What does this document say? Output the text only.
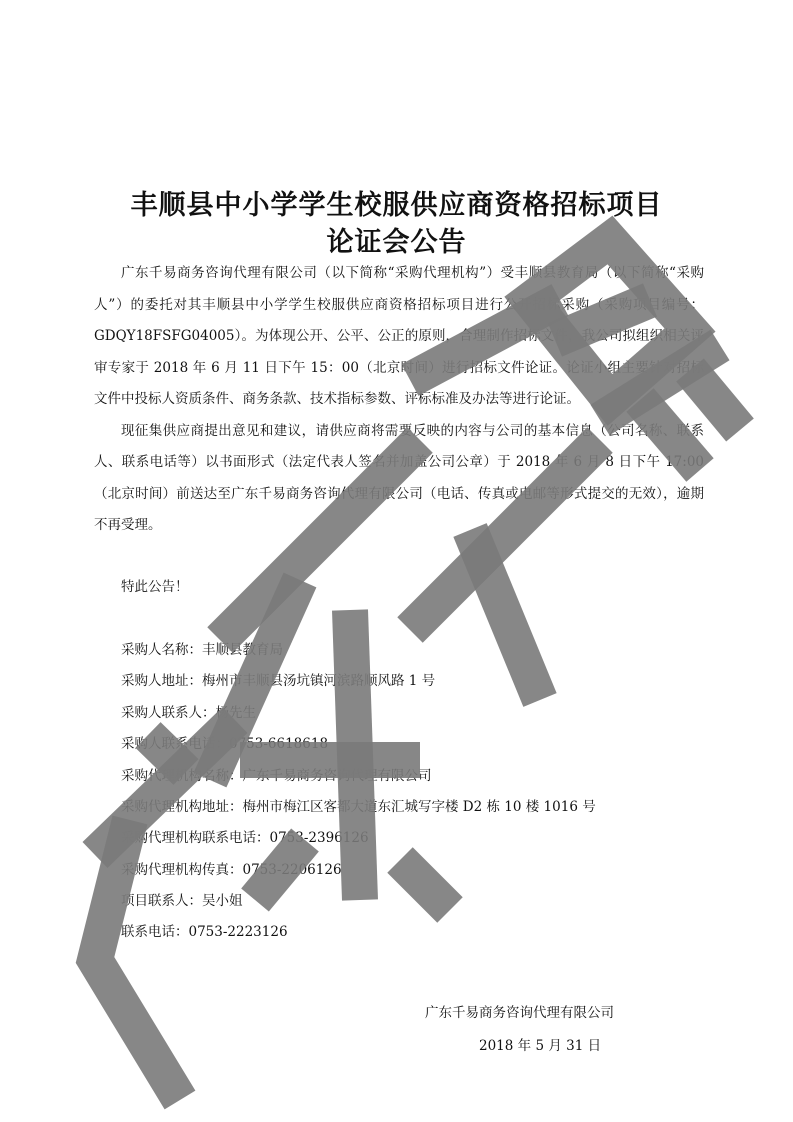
丰顺县中小学学生校服供应商资格招标项目
论证会公告

广东千易商务咨询代理有限公司（以下简称“采购代理机构”）受丰顺县教育局（以下简称“采购人”）的委托对其丰顺县中小学学生校服供应商资格招标项目进行公开招标采购（采购项目编号：GDQY18FSFG04005）。为体现公开、公平、公正的原则，合理制作招标文件，我公司拟组织相关评审专家于 2018 年 6 月 11 日下午 15：00（北京时间）进行招标文件论证。论证小组主要针对招标文件中投标人资质条件、商务条款、技术指标参数、评标标准及办法等进行论证。

现征集供应商提出意见和建议，请供应商将需要反映的内容与公司的基本信息（公司名称、联系人、联系电话等）以书面形式（法定代表人签名并加盖公司公章）于 2018 年 6 月 8 日下午 17:00（北京时间）前送达至广东千易商务咨询代理有限公司（电话、传真或电邮等形式提交的无效），逾期不再受理。

特此公告！
采购人名称：丰顺县教育局
采购人地址：梅州市丰顺县汤坑镇河滨路顺风路 1 号
采购人联系人：杨先生
采购人联系电话：0753-6618618
采购代理机构名称：广东千易商务咨询代理有限公司
采购代理机构地址：梅州市梅江区客都大道东汇城写字楼 D2 栋 10 楼 1016 号
采购代理机构联系电话：0753-2396126
采购代理机构传真：0753-2206126
项目联系人：吴小姐
联系电话：0753-2223126
广东千易商务咨询代理有限公司
2018 年 5 月 31 日
